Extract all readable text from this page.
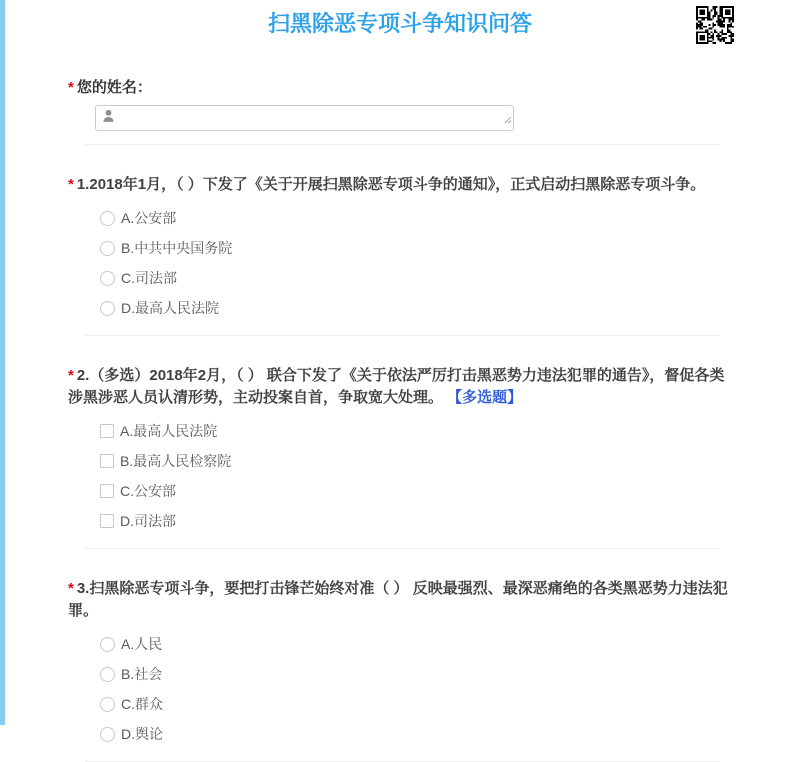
扫黑除恶专项斗争知识问答
* 您的姓名：
* 1.2018年1月，（ ）下发了《关于开展扫黑除恶专项斗争的通知》，正式启动扫黑除恶专项斗争。
A.公安部
B.中共中央国务院
C.司法部
D.最高人民法院
* 2.（多选）2018年2月，（ ） 联合下发了《关于依法严厉打击黑恶势力违法犯罪的通告》，督促各类涉黑涉恶人员认清形势，主动投案自首，争取宽大处理。 【多选题】
A.最高人民法院
B.最高人民检察院
C.公安部
D.司法部
* 3.扫黑除恶专项斗争，要把打击锋芒始终对准（ ） 反映最强烈、最深恶痛绝的各类黑恶势力违法犯罪。
A.人民
B.社会
C.群众
D.舆论
